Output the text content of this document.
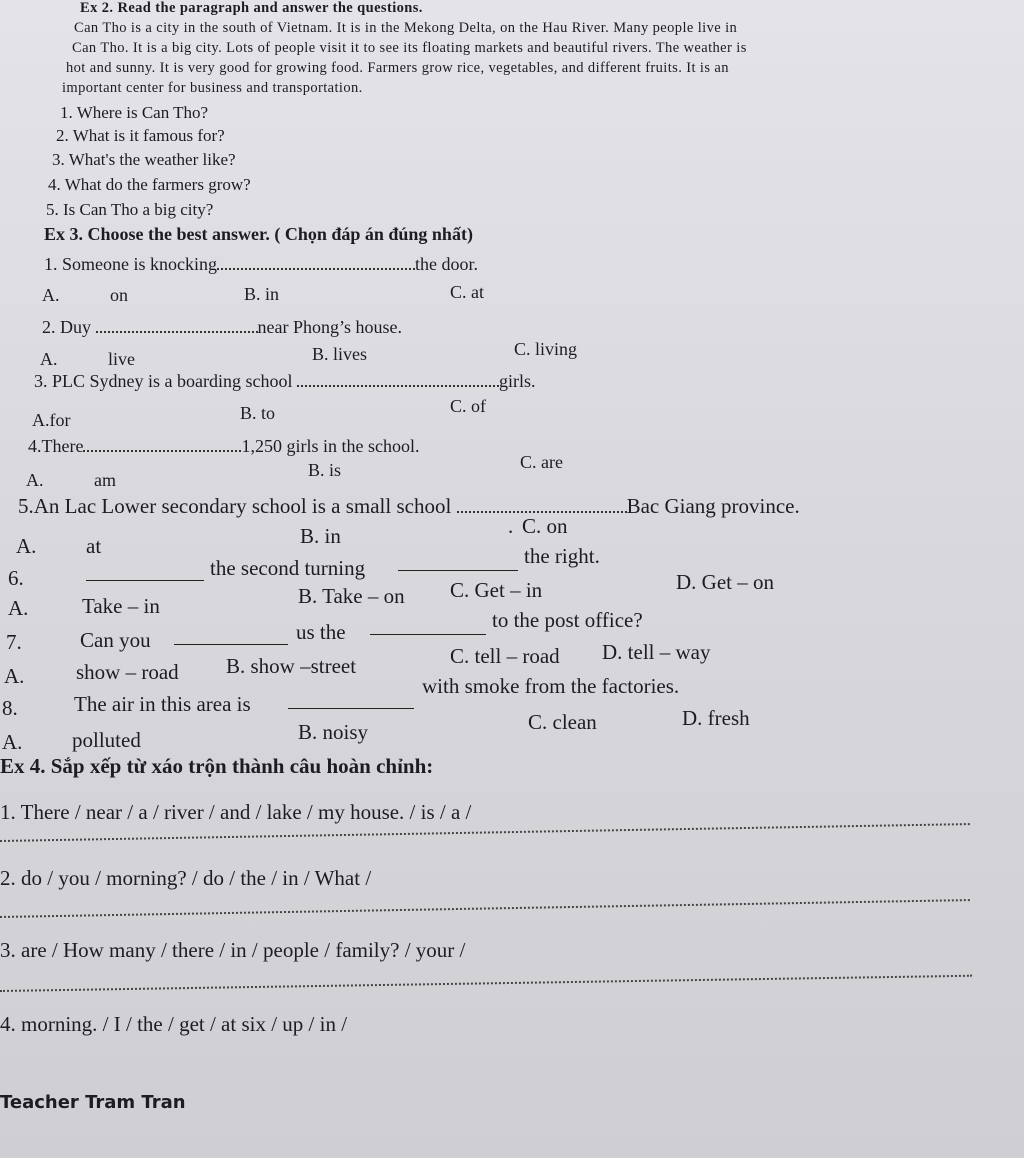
Ex 2. Read the paragraph and answer the questions.
Can Tho is a city in the south of Vietnam. It is in the Mekong Delta, on the Hau River. Many people live in
Can Tho. It is a big city. Lots of people visit it to see its floating markets and beautiful rivers. The weather is
hot and sunny. It is very good for growing food. Farmers grow rice, vegetables, and different fruits. It is an
important center for business and transportation.
1. Where is Can Tho?
2. What is it famous for?
3. What's the weather like?
4. What do the farmers grow?
5. Is Can Tho a big city?
Ex 3. Choose the best answer. ( Chọn đáp án đúng nhất)
1. Someone is knocking	the door.
A.	on	B. in	C. at
2. Duy	near Phong’s house.
A.	live	B. lives	C. living
3. PLC Sydney is a boarding school	girls.
A.for	B. to	C. of
4.There	1,250 girls in the school.
A.	am	B. is	C. are
5.An Lac Lower secondary school is a small school	Bac Giang province.
A. at	B. in	. C. on
6.	the second turning	the right.
A.	Take – in	B. Take – on C. Get – in	D. Get – on
7.	Can you	us the	to the post office?
A. show – road B. show –street	C. tell – road D. tell – way
8.	The air in this area is
with smoke from the factories.
A. polluted	B. noisy	C. clean	D. fresh
Ex 4. Sắp xếp từ xáo trộn thành câu hoàn chỉnh:
1. There / near / a / river / and / lake / my house. / is / a /
2. do / you / morning? / do / the / in / What /
3. are / How many / there / in / people / family? / your /
4. morning. / I / the / get / at six / up / in /
Teacher Tram Tran
